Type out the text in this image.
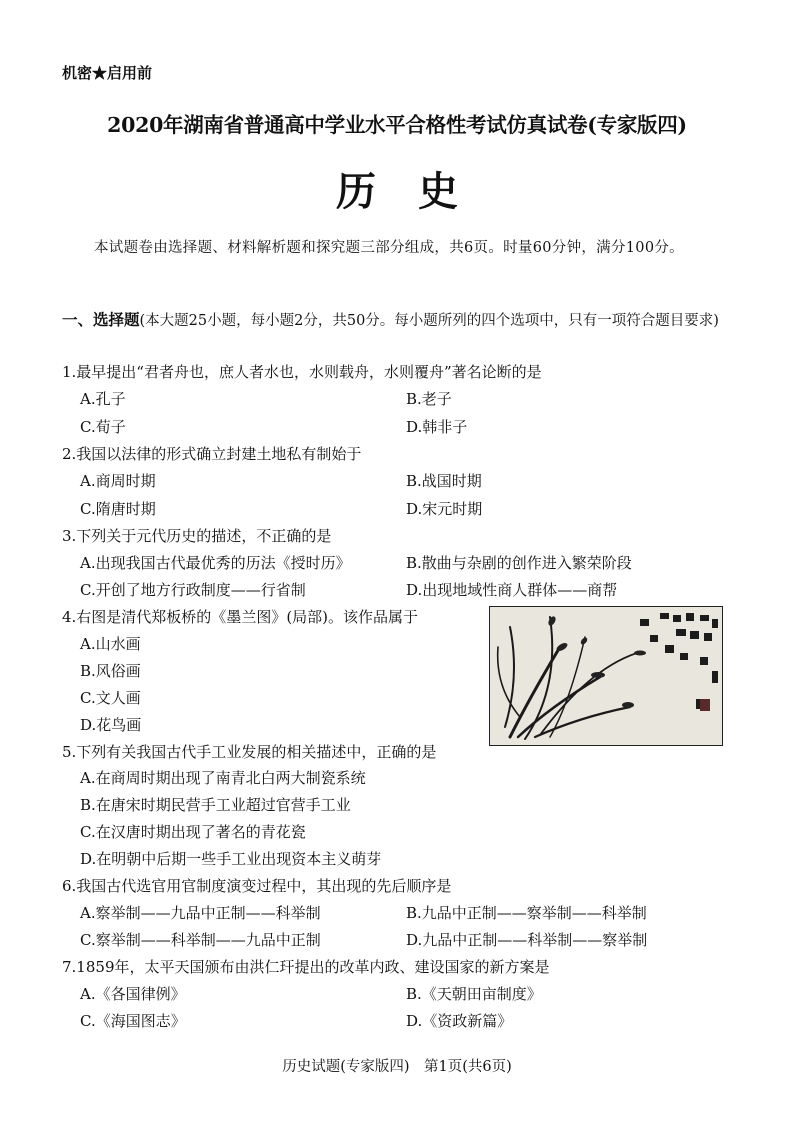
机密★启用前
2020年湖南省普通高中学业水平合格性考试仿真试卷(专家版四)
历史
本试题卷由选择题、材料解析题和探究题三部分组成，共6页。时量60分钟，满分100分。
一、选择题(本大题25小题，每小题2分，共50分。每小题所列的四个选项中，只有一项符合题目要求)
1.最早提出“君者舟也，庶人者水也，水则载舟，水则覆舟”著名论断的是
A.孔子	B.老子
C.荀子	D.韩非子
2.我国以法律的形式确立封建土地私有制始于
A.商周时期	B.战国时期
C.隋唐时期	D.宋元时期
3.下列关于元代历史的描述，不正确的是
A.出现我国古代最优秀的历法《授时历》	B.散曲与杂剧的创作进入繁荣阶段
C.开创了地方行政制度——行省制	D.出现地域性商人群体——商帮
4.右图是清代郑板桥的《墨兰图》(局部)。该作品属于
A.山水画
B.风俗画
C.文人画
D.花鸟画
5.下列有关我国古代手工业发展的相关描述中，正确的是
A.在商周时期出现了南青北白两大制瓷系统
B.在唐宋时期民营手工业超过官营手工业
C.在汉唐时期出现了著名的青花瓷
D.在明朝中后期一些手工业出现资本主义萌芽
6.我国古代选官用官制度演变过程中，其出现的先后顺序是
A.察举制——九品中正制——科举制	B.九品中正制——察举制——科举制
C.察举制——科举制——九品中正制	D.九品中正制——科举制——察举制
7.1859年，太平天国颁布由洪仁玕提出的改革内政、建设国家的新方案是
A.《各国律例》	B.《天朝田亩制度》
C.《海国图志》	D.《资政新篇》
历史试题(专家版四)　第1页(共6页)
